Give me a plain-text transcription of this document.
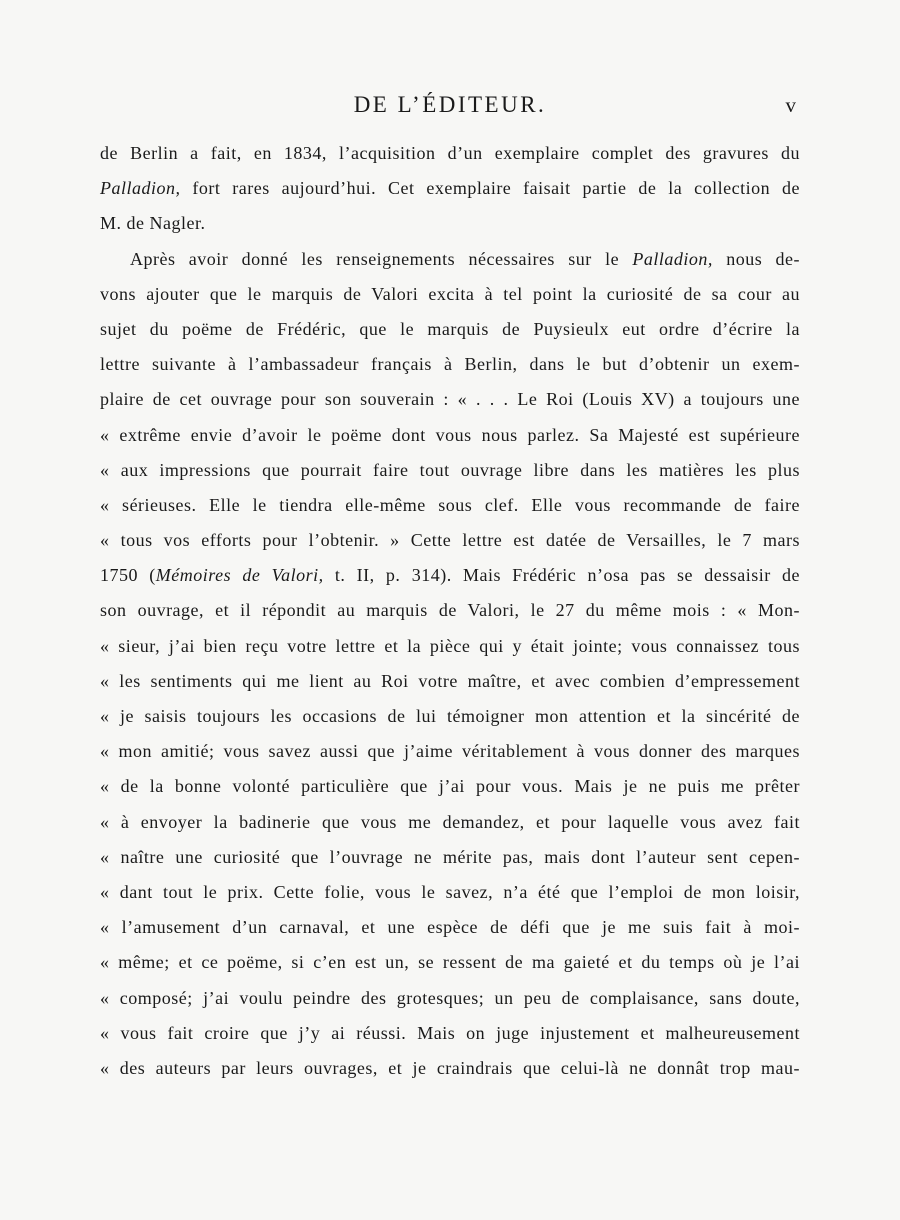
DE L’ÉDITEUR.	v
de Berlin a fait, en 1834, l’acquisition d’un exemplaire complet des gravures du
Palladion, fort rares aujourd’hui. Cet exemplaire faisait partie de la collection de
M. de Nagler.
Après avoir donné les renseignements nécessaires sur le Palladion, nous de-
vons ajouter que le marquis de Valori excita à tel point la curiosité de sa cour au
sujet du poëme de Frédéric, que le marquis de Puysieulx eut ordre d’écrire la
lettre suivante à l’ambassadeur français à Berlin, dans le but d’obtenir un exem-
plaire de cet ouvrage pour son souverain : « . . . Le Roi (Louis XV) a toujours une
« extrême envie d’avoir le poëme dont vous nous parlez. Sa Majesté est supérieure
« aux impressions que pourrait faire tout ouvrage libre dans les matières les plus
« sérieuses. Elle le tiendra elle-même sous clef. Elle vous recommande de faire
« tous vos efforts pour l’obtenir. » Cette lettre est datée de Versailles, le 7 mars
1750 (Mémoires de Valori, t. II, p. 314). Mais Frédéric n’osa pas se dessaisir de
son ouvrage, et il répondit au marquis de Valori, le 27 du même mois : « Mon-
« sieur, j’ai bien reçu votre lettre et la pièce qui y était jointe; vous connaissez tous
« les sentiments qui me lient au Roi votre maître, et avec combien d’empressement
« je saisis toujours les occasions de lui témoigner mon attention et la sincérité de
« mon amitié; vous savez aussi que j’aime véritablement à vous donner des marques
« de la bonne volonté particulière que j’ai pour vous. Mais je ne puis me prêter
« à envoyer la badinerie que vous me demandez, et pour laquelle vous avez fait
« naître une curiosité que l’ouvrage ne mérite pas, mais dont l’auteur sent cepen-
« dant tout le prix. Cette folie, vous le savez, n’a été que l’emploi de mon loisir,
« l’amusement d’un carnaval, et une espèce de défi que je me suis fait à moi-
« même; et ce poëme, si c’en est un, se ressent de ma gaieté et du temps où je l’ai
« composé; j’ai voulu peindre des grotesques; un peu de complaisance, sans doute,
« vous fait croire que j’y ai réussi. Mais on juge injustement et malheureusement
« des auteurs par leurs ouvrages, et je craindrais que celui-là ne donnât trop mau-
